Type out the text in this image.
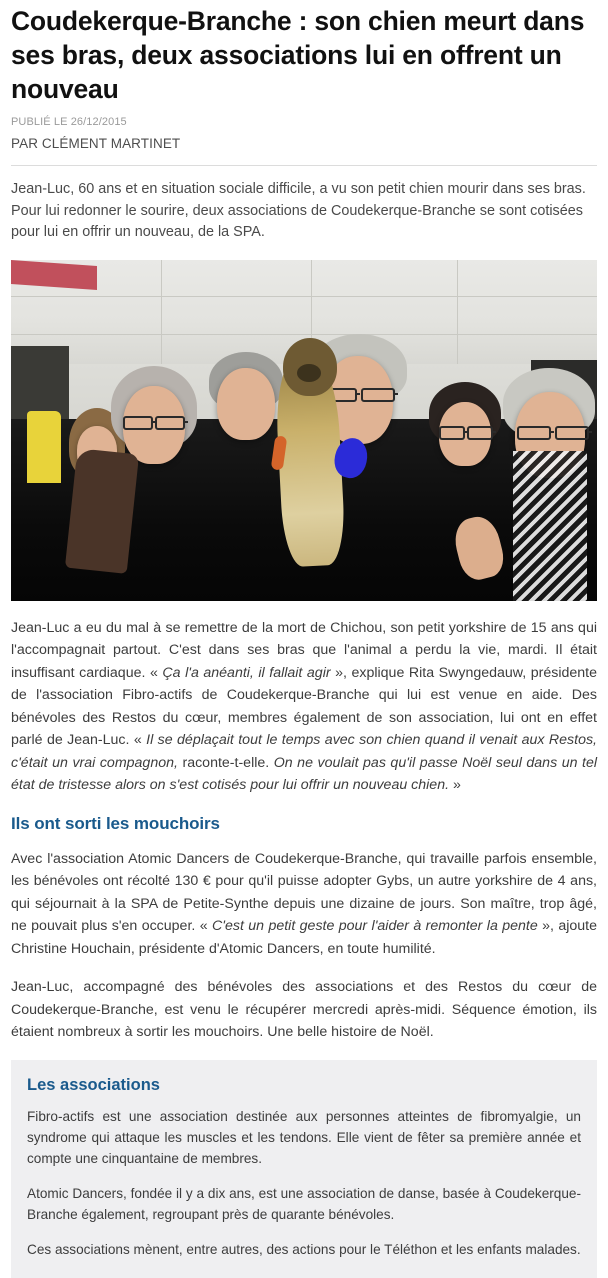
Coudekerque-Branche : son chien meurt dans ses bras, deux associations lui en offrent un nouveau
PUBLIÉ LE 26/12/2015
PAR CLÉMENT MARTINET

Jean-Luc, 60 ans et en situation sociale difficile, a vu son petit chien mourir dans ses bras. Pour lui redonner le sourire, deux associations de Coudekerque-Branche se sont cotisées pour lui en offrir un nouveau, de la SPA.

Jean-Luc a eu du mal à se remettre de la mort de Chichou, son petit yorkshire de 15 ans qui l'accompagnait partout. C'est dans ses bras que l'animal a perdu la vie, mardi. Il était insuffisant cardiaque. « Ça l'a anéanti, il fallait agir », explique Rita Swyngedauw, présidente de l'association Fibro-actifs de Coudekerque-Branche qui lui est venue en aide. Des bénévoles des Restos du cœur, membres également de son association, lui ont en effet parlé de Jean-Luc. « Il se déplaçait tout le temps avec son chien quand il venait aux Restos, c'était un vrai compagnon, raconte-t-elle. On ne voulait pas qu'il passe Noël seul dans un tel état de tristesse alors on s'est cotisés pour lui offrir un nouveau chien. »

Ils ont sorti les mouchoirs

Avec l'association Atomic Dancers de Coudekerque-Branche, qui travaille parfois ensemble, les bénévoles ont récolté 130 € pour qu'il puisse adopter Gybs, un autre yorkshire de 4 ans, qui séjournait à la SPA de Petite-Synthe depuis une dizaine de jours. Son maître, trop âgé, ne pouvait plus s'en occuper. « C'est un petit geste pour l'aider à remonter la pente », ajoute Christine Houchain, présidente d'Atomic Dancers, en toute humilité.

Jean-Luc, accompagné des bénévoles des associations et des Restos du cœur de Coudekerque-Branche, est venu le récupérer mercredi après-midi. Séquence émotion, ils étaient nombreux à sortir les mouchoirs. Une belle histoire de Noël.

Les associations

Fibro-actifs est une association destinée aux personnes atteintes de fibromyalgie, un syndrome qui attaque les muscles et les tendons. Elle vient de fêter sa première année et compte une cinquantaine de membres.

Atomic Dancers, fondée il y a dix ans, est une association de danse, basée à Coudekerque-Branche également, regroupant près de quarante bénévoles.

Ces associations mènent, entre autres, des actions pour le Téléthon et les enfants malades.
